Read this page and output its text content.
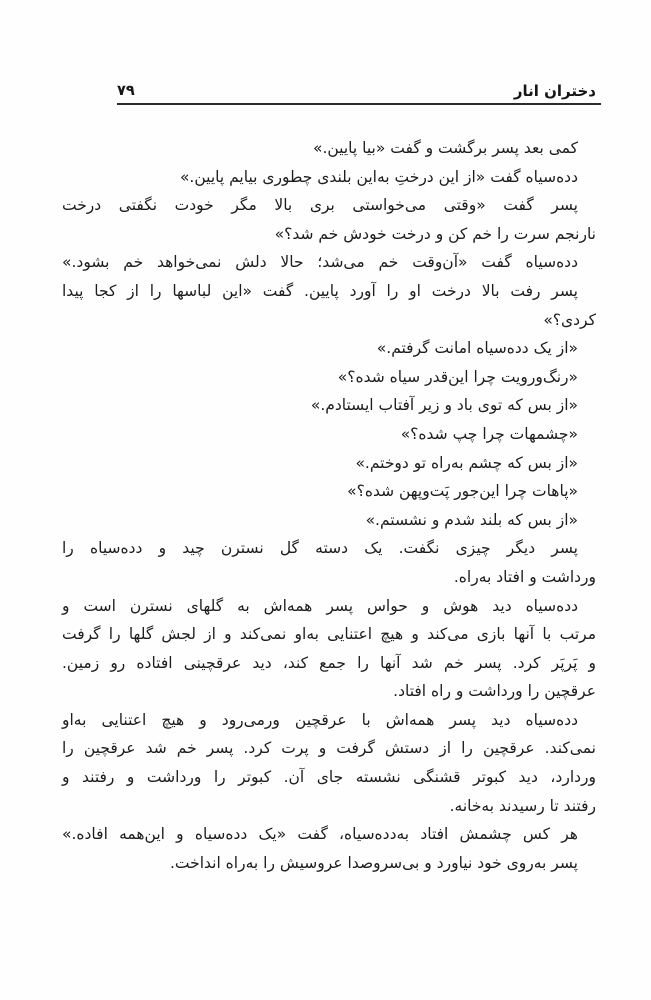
٧٩	دختران انار
کمی بعد پسر برگشت و گفت «بیا پایین.»
دده‌سیاه گفت «از این درختِ به‌این بلندی چطوری بیایم پایین.»
پسر گفت «وقتی می‌خواستی بری بالا مگر خودت نگفتی درخت
نارنجم سرت را خم کن و درخت خودش خم شد؟»
دده‌سیاه گفت «آن‌وقت خم می‌شد؛ حالا دلش نمی‌خواهد خم بشود.»
پسر رفت بالا درخت او را آورد پایین. گفت «این لباسها را از کجا پیدا
کردی؟»
«از یک دده‌سیاه امانت گرفتم.»
«رنگ‌ورویت چرا این‌قدر سیاه شده؟»
«از بس که توی باد و زیر آفتاب ایستادم.»
«چشمهات چرا چپ شده؟»
«از بس که چشم به‌راه تو دوختم.»
«پاهات چرا این‌جور پَت‌وپهن شده؟»
«از بس که بلند شدم و نشستم.»
پسر دیگر چیزی نگفت. یک دسته گل نسترن چید و دده‌سیاه را
ورداشت و افتاد به‌راه.
دده‌سیاه دید هوش و حواس پسر همه‌اش به گلهای نسترن است و
مرتب با آنها بازی می‌کند و هیچ اعتنایی به‌او نمی‌کند و از لجش گلها را گرفت
و پَرپَر کرد. پسر خم شد آنها را جمع کند، دید عرقچینی افتاده رو زمین.
عرقچین را ورداشت و راه افتاد.
دده‌سیاه دید پسر همه‌اش با عرقچین ورمی‌رود و هیچ اعتنایی به‌او
نمی‌کند. عرقچین را از دستش گرفت و پرت کرد. پسر خم شد عرقچین را
وردارد، دید کبوتر قشنگی نشسته جای آن. کبوتر را ورداشت و رفتند و
رفتند تا رسیدند به‌خانه.
هر کس چشمش افتاد به‌دده‌سیاه، گفت «یک دده‌سیاه و این‌همه افاده.»
پسر به‌روی خود نیاورد و بی‌سروصدا عروسیش را به‌راه انداخت.
